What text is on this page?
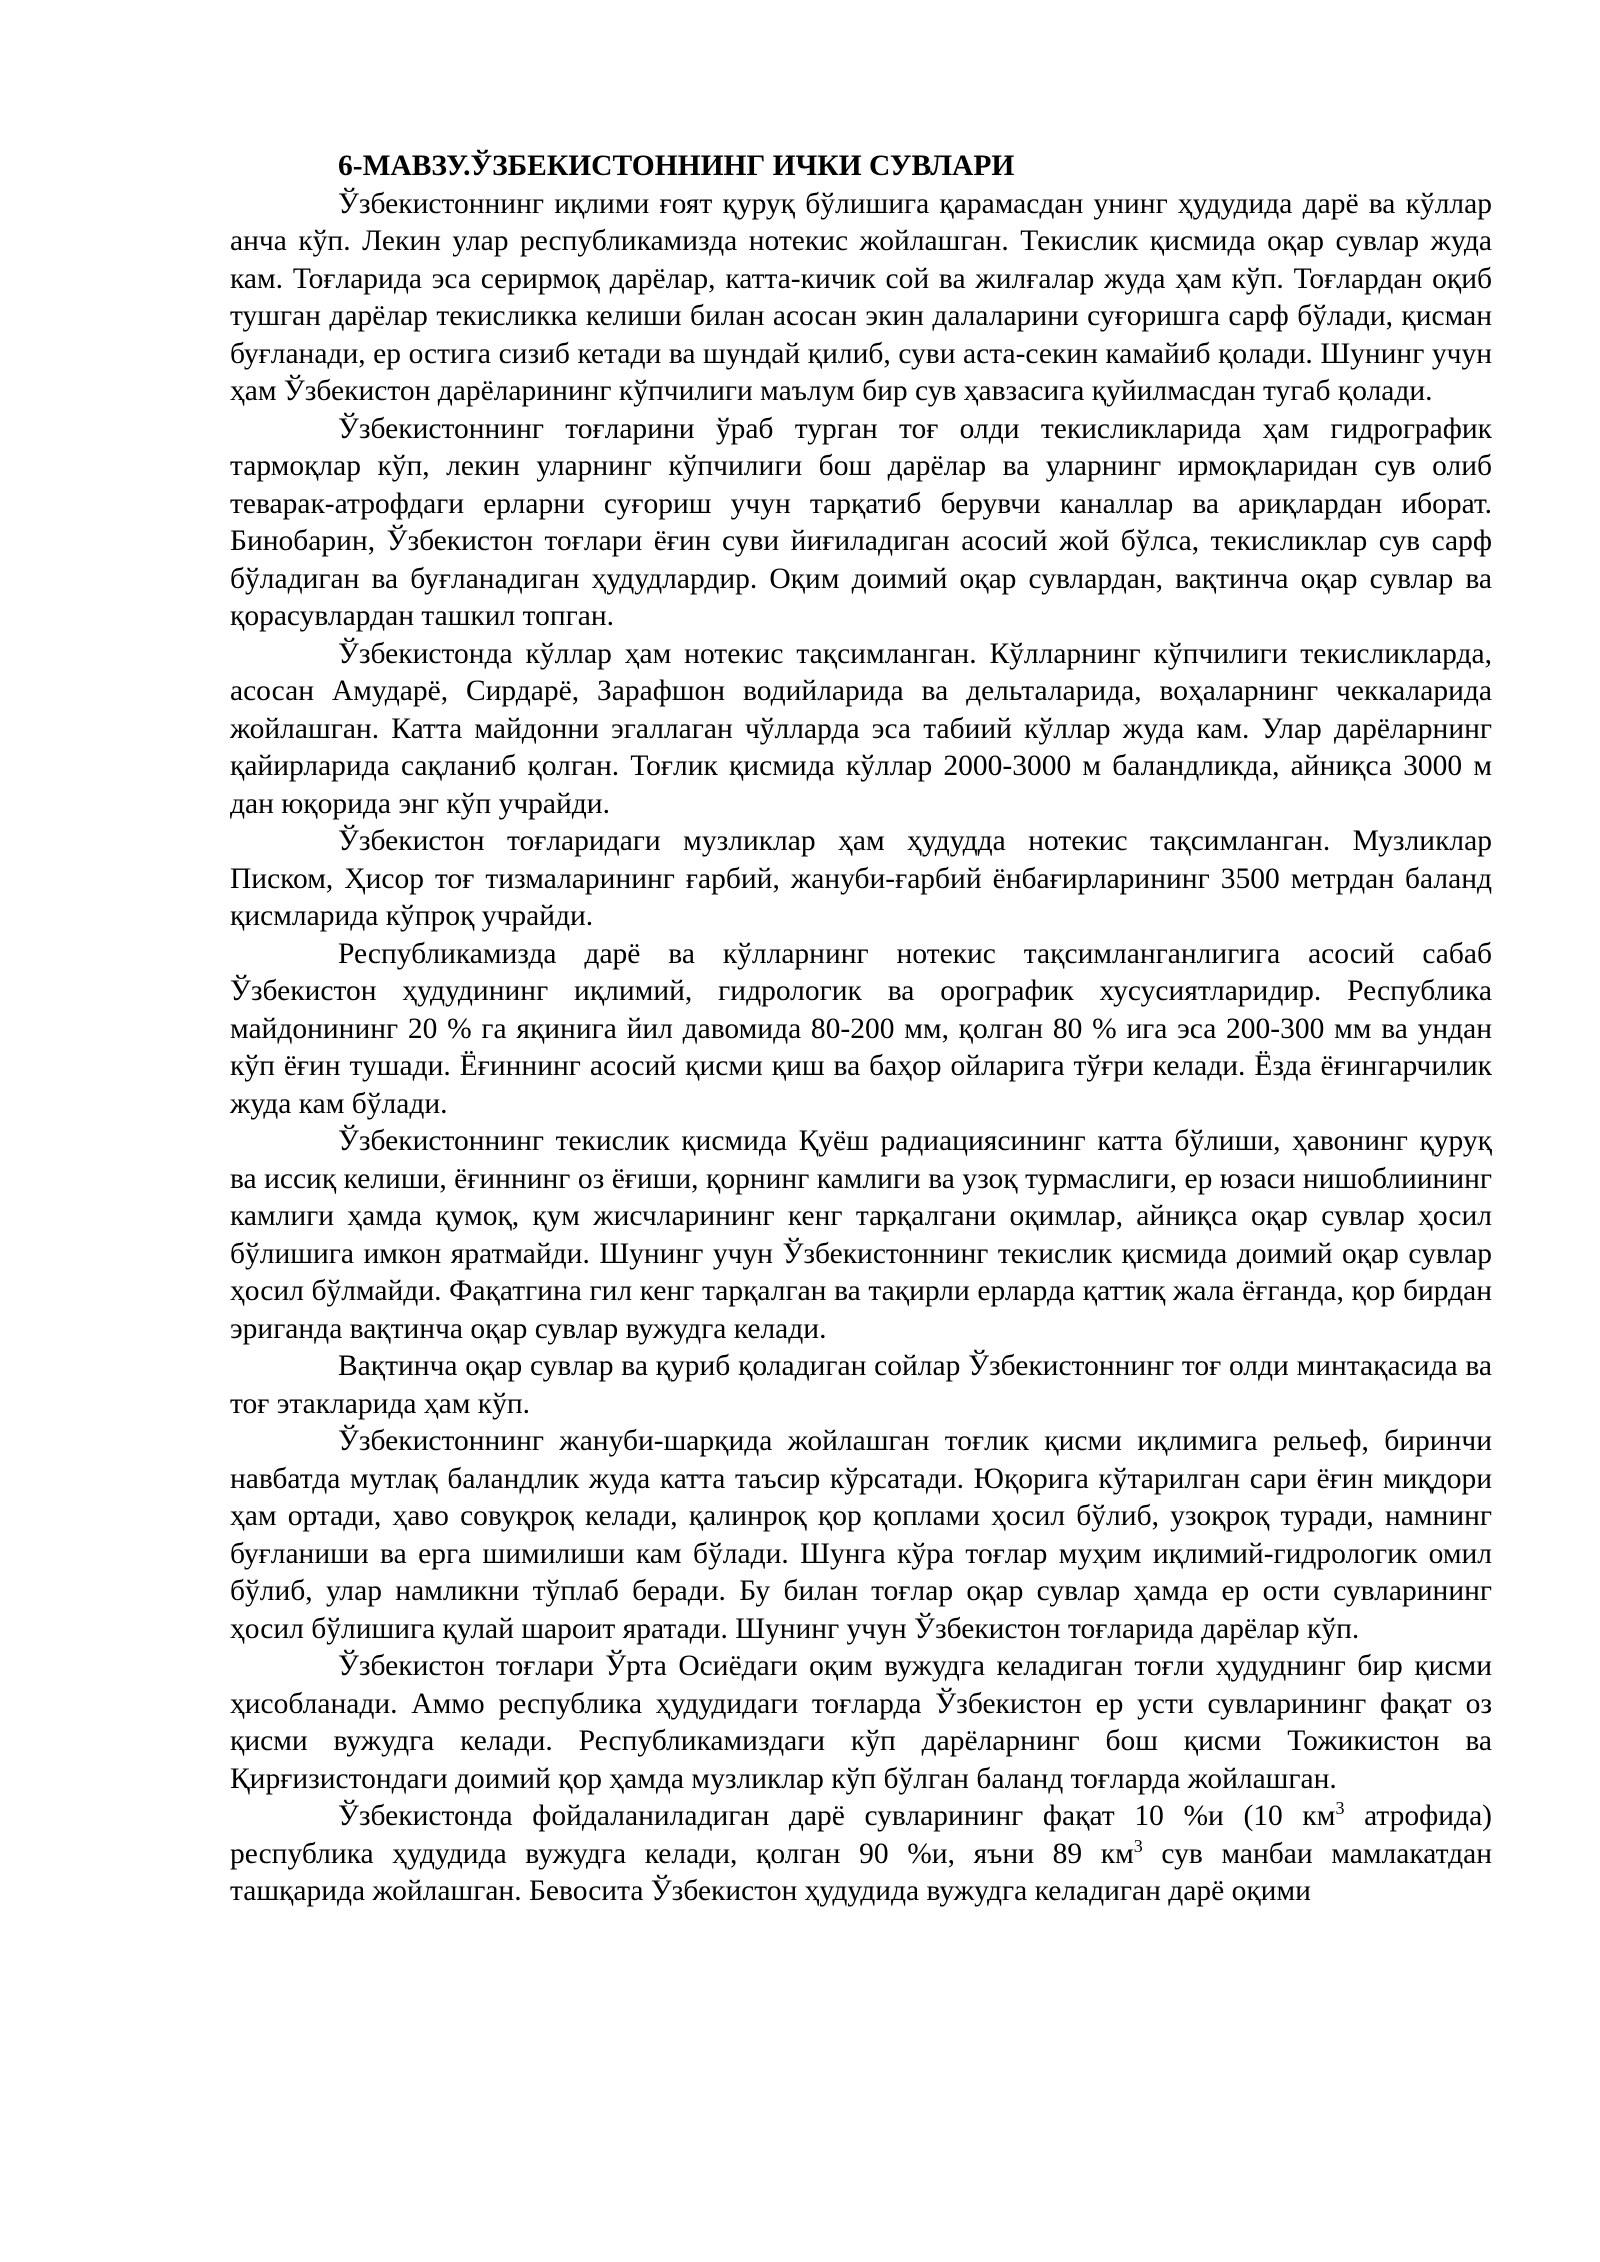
6-МАВЗУ.ЎЗБЕКИСТОННИНГ ИЧКИ СУВЛАРИ

Ўзбекистоннинг иқлими ғоят қуруқ бўлишига қарамасдан унинг ҳудудида дарё ва кўллар анча кўп. Лекин улар республикамизда нотекис жойлашган. Текислик қисмида оқар сувлар жуда кам. Тоғларида эса серирмоқ дарёлар, катта-кичик сой ва жилғалар жуда ҳам кўп. Тоғлардан оқиб тушган дарёлар текисликка келиши билан асосан экин далаларини суғоришга сарф бўлади, қисман буғланади, ер остига сизиб кетади ва шундай қилиб, суви аста-секин камайиб қолади. Шунинг учун ҳам Ўзбекистон дарёларининг кўпчилиги маълум бир сув ҳавзасига қуйилмасдан тугаб қолади.

Ўзбекистоннинг тоғларини ўраб турган тоғ олди текисликларида ҳам гидрографик тармоқлар кўп, лекин уларнинг кўпчилиги бош дарёлар ва уларнинг ирмоқларидан сув олиб теварак-атрофдаги ерларни суғориш учун тарқатиб берувчи каналлар ва ариқлардан иборат. Бинобарин, Ўзбекистон тоғлари ёғин суви йиғиладиган асосий жой бўлса, текисликлар сув сарф бўладиган ва буғланадиган ҳудудлардир. Оқим доимий оқар сувлардан, вақтинча оқар сувлар ва қорасувлардан ташкил топган.

Ўзбекистонда кўллар ҳам нотекис тақсимланган. Кўлларнинг кўпчилиги текисликларда, асосан Амударё, Сирдарё, Зарафшон водийларида ва дельталарида, воҳаларнинг чеккаларида жойлашган. Катта майдонни эгаллаган чўлларда эса табиий кўллар жуда кам. Улар дарёларнинг қайирларида сақланиб қолган. Тоғлик қисмида кўллар 2000-3000 м баландликда, айниқса 3000 м дан юқорида энг кўп учрайди.

Ўзбекистон тоғларидаги музликлар ҳам ҳудудда нотекис тақсимланган. Музликлар Писком, Ҳисор тоғ тизмаларининг ғарбий, жануби-ғарбий ёнбағирларининг 3500 метрдан баланд қисмларида кўпроқ учрайди.

Республикамизда дарё ва кўлларнинг нотекис тақсимланганлигига асосий сабаб Ўзбекистон ҳудудининг иқлимий, гидрологик ва орографик хусусиятларидир. Республика майдонининг 20 % га яқинига йил давомида 80-200 мм, қолган 80 % ига эса 200-300 мм ва ундан кўп ёғин тушади. Ёғиннинг асосий қисми қиш ва баҳор ойларига тўғри келади. Ёзда ёғингарчилик жуда кам бўлади.

Ўзбекистоннинг текислик қисмида Қуёш радиациясининг катта бўлиши, ҳавонинг қуруқ ва иссиқ келиши, ёғиннинг оз ёғиши, қорнинг камлиги ва узоқ турмаслиги, ер юзаси нишоблиининг камлиги ҳамда қумоқ, қум жисчларининг кенг тарқалгани оқимлар, айниқса оқар сувлар ҳосил бўлишига имкон яратмайди. Шунинг учун Ўзбекистоннинг текислик қисмида доимий оқар сувлар ҳосил бўлмайди. Фақатгина гил кенг тарқалган ва тақирли ерларда қаттиқ жала ёғганда, қор бирдан эриганда вақтинча оқар сувлар вужудга келади.

Вақтинча оқар сувлар ва қуриб қоладиган сойлар Ўзбекистоннинг тоғ олди минтақасида ва тоғ этакларида ҳам кўп.

Ўзбекистоннинг жануби-шарқида жойлашган тоғлик қисми иқлимига рельеф, биринчи навбатда мутлақ баландлик жуда катта таъсир кўрсатади. Юқорига кўтарилган сари ёғин миқдори ҳам ортади, ҳаво совуқроқ келади, қалинроқ қор қоплами ҳосил бўлиб, узоқроқ туради, намнинг буғланиши ва ерга шимилиши кам бўлади. Шунга кўра тоғлар муҳим иқлимий-гидрологик омил бўлиб, улар намликни тўплаб беради. Бу билан тоғлар оқар сувлар ҳамда ер ости сувларининг ҳосил бўлишига қулай шароит яратади. Шунинг учун Ўзбекистон тоғларида дарёлар кўп.

Ўзбекистон тоғлари Ўрта Осиёдаги оқим вужудга келадиган тоғли ҳудуднинг бир қисми ҳисобланади. Аммо республика ҳудудидаги тоғларда Ўзбекистон ер усти сувларининг фақат оз қисми вужудга келади. Республикамиздаги кўп дарёларнинг бош қисми Тожикистон ва Қирғизистондаги доимий қор ҳамда музликлар кўп бўлган баланд тоғларда жойлашган.

Ўзбекистонда фойдаланиладиган дарё сувларининг фақат 10 %и (10 $км^3$ атрофида) республика ҳудудида вужудга келади, қолган 90 %и, яъни 89 $км^3$ сув манбаи мамлакатдан ташқарида жойлашган. Бевосита Ўзбекистон ҳудудида вужудга келадиган дарё оқими
